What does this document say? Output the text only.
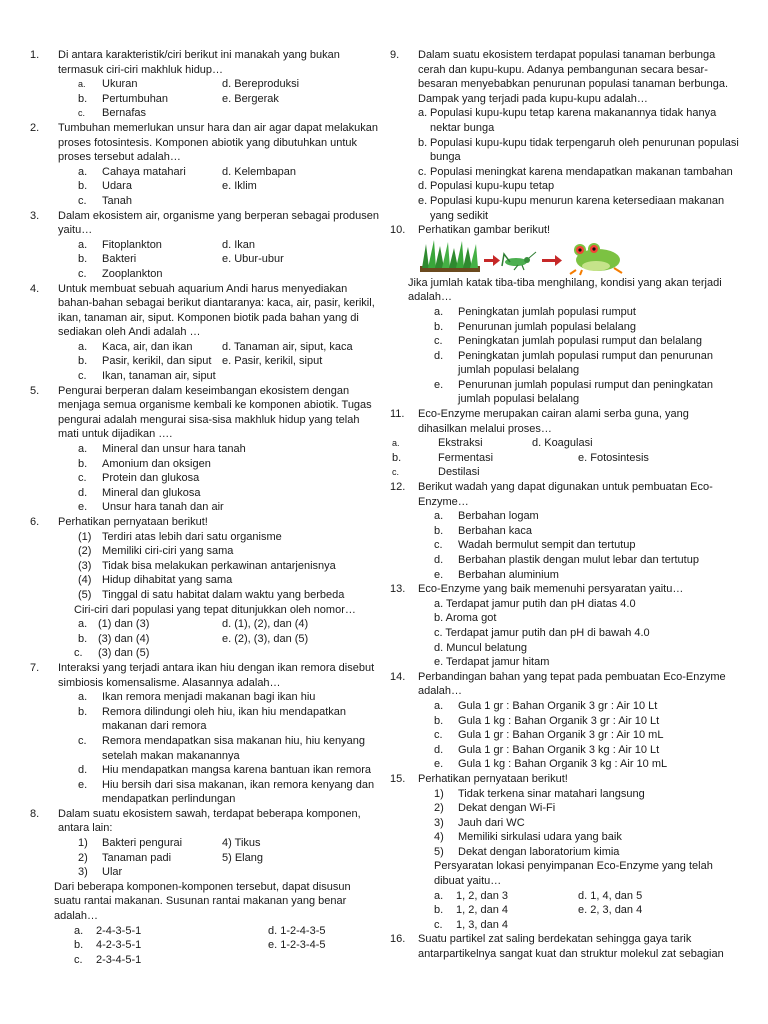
1. Di antara karakteristik/ciri berikut ini manakah yang bukan termasuk ciri-ciri makhluk hidup…
a. Ukuran	d. Bereproduksi
b. Pertumbuhan	e. Bergerak
c. Bernafas
2. Tumbuhan memerlukan unsur hara dan air agar dapat melakukan proses fotosintesis. Komponen abiotik yang dibutuhkan untuk proses tersebut adalah…
a. Cahaya matahari	d. Kelembapan
b. Udara	e. Iklim
c. Tanah
3. Dalam ekosistem air, organisme yang berperan sebagai produsen yaitu…
a. Fitoplankton	d. Ikan
b. Bakteri	e. Ubur-ubur
c. Zooplankton
4. Untuk membuat sebuah aquarium Andi harus menyediakan bahan-bahan sebagai berikut diantaranya: kaca, air, pasir, kerikil, ikan, tanaman air, siput. Komponen biotik pada bahan yang di sediakan oleh Andi adalah …
a. Kaca, air, dan ikan	d. Tanaman air, siput, kaca
b. Pasir, kerikil, dan siput e. Pasir, kerikil, siput
c. Ikan, tanaman air, siput
5. Pengurai berperan dalam keseimbangan ekosistem dengan menjaga semua organisme kembali ke komponen abiotik. Tugas pengurai adalah mengurai sisa-sisa makhluk hidup yang telah mati untuk dijadikan ….
a. Mineral dan unsur hara tanah
b. Amonium dan oksigen
c. Protein dan glukosa
d. Mineral dan glukosa
e. Unsur hara tanah dan air
6. Perhatikan pernyataan berikut!
(1) Terdiri atas lebih dari satu organisme
(2) Memiliki ciri-ciri yang sama
(3) Tidak bisa melakukan perkawinan antarjenisnya
(4) Hidup dihabitat yang sama
(5) Tinggal di satu habitat dalam waktu yang berbeda
Ciri-ciri dari populasi yang tepat ditunjukkan oleh nomor…
a. (1) dan (3)	d. (1), (2), dan (4)
b. (3) dan (4)	e. (2), (3), dan (5)
c. (3) dan (5)
7. Interaksi yang terjadi antara ikan hiu dengan ikan remora disebut simbiosis komensalisme. Alasannya adalah…
a. Ikan remora menjadi makanan bagi ikan hiu
b. Remora dilindungi oleh hiu, ikan hiu mendapatkan makanan dari remora
c. Remora mendapatkan sisa makanan hiu, hiu kenyang setelah makan makanannya
d. Hiu mendapatkan mangsa karena bantuan ikan remora
e. Hiu bersih dari sisa makanan, ikan remora kenyang dan mendapatkan perlindungan
8. Dalam suatu ekosistem sawah, terdapat beberapa komponen, antara lain:
1) Bakteri pengurai	4) Tikus
2) Tanaman padi	5) Elang
3) Ular
Dari beberapa komponen-komponen tersebut, dapat disusun suatu rantai makanan. Susunan rantai makanan yang benar adalah…
a. 2-4-3-5-1	d. 1-2-4-3-5
b. 4-2-3-5-1	e. 1-2-3-4-5
c. 2-3-4-5-1
9. Dalam suatu ekosistem terdapat populasi tanaman berbunga cerah dan kupu-kupu. Adanya pembangunan secara besar-besaran menyebabkan penurunan populasi tanaman berbunga. Dampak yang terjadi pada kupu-kupu adalah…
a. Populasi kupu-kupu tetap karena makanannya tidak hanya nektar bunga
b. Populasi kupu-kupu tidak terpengaruh oleh penurunan populasi bunga
c. Populasi meningkat karena mendapatkan makanan tambahan
d. Populasi kupu-kupu tetap
e. Populasi kupu-kupu menurun karena ketersediaan makanan yang sedikit
10. Perhatikan gambar berikut!
Jika jumlah katak tiba-tiba menghilang, kondisi yang akan terjadi adalah…
a. Peningkatan jumlah populasi rumput
b. Penurunan jumlah populasi belalang
c. Peningkatan jumlah populasi rumput dan belalang
d. Peningkatan jumlah populasi rumput dan penurunan jumlah populasi belalang
e. Penurunan jumlah populasi rumput dan peningkatan jumlah populasi belalang
11. Eco-Enzyme merupakan cairan alami serba guna, yang dihasilkan melalui proses…
a.	Ekstraksi	d. Koagulasi
b.	Fermentasi	e. Fotosintesis
c.	Destilasi
12. Berikut wadah yang dapat digunakan untuk pembuatan Eco-Enzyme…
a. Berbahan logam
b. Berbahan kaca
c. Wadah bermulut sempit dan tertutup
d. Berbahan plastik dengan mulut lebar dan tertutup
e. Berbahan aluminium
13. Eco-Enzyme yang baik memenuhi persyaratan yaitu…
a. Terdapat jamur putih dan pH diatas 4.0
b. Aroma got
c. Terdapat jamur putih dan pH di bawah 4.0
d. Muncul belatung
e. Terdapat jamur hitam
14. Perbandingan bahan yang tepat pada pembuatan Eco-Enzyme adalah…
a. Gula 1 gr : Bahan Organik 3 gr : Air 10 Lt
b. Gula 1 kg : Bahan Organik 3 gr : Air 10 Lt
c. Gula 1 gr : Bahan Organik 3 gr : Air 10 mL
d. Gula 1 gr : Bahan Organik 3 kg : Air 10 Lt
e. Gula 1 kg : Bahan Organik 3 kg : Air 10 mL
15. Perhatikan pernyataan berikut!
1) Tidak terkena sinar matahari langsung
2) Dekat dengan Wi-Fi
3) Jauh dari WC
4) Memiliki sirkulasi udara yang baik
5) Dekat dengan laboratorium kimia
Persyaratan lokasi penyimpanan Eco-Enzyme yang telah dibuat yaitu…
a. 1, 2, dan 3	d. 1, 4, dan 5
b. 1, 2, dan 4	e. 2, 3, dan 4
c. 1, 3, dan 4
16. Suatu partikel zat saling berdekatan sehingga gaya tarik antarpartikelnya sangat kuat dan struktur molekul zat sebagian
